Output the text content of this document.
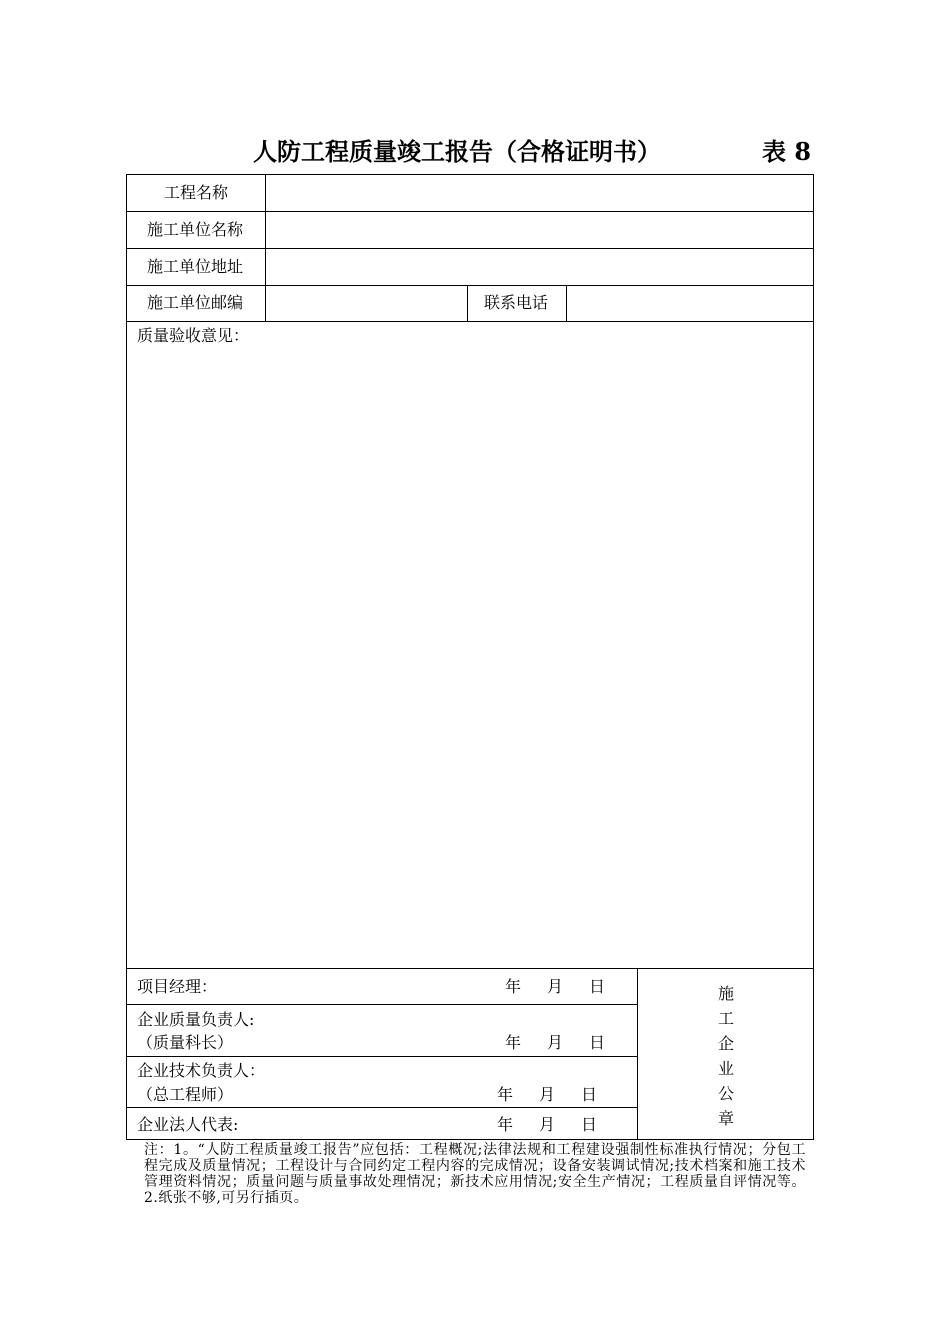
人防工程质量竣工报告（合格证明书）	表 8
工程名称
施工单位名称
施工单位地址
施工单位邮编	联系电话
质量验收意见：
项目经理：	年 月 日
企业质量负责人:
（质量科长）	年 月 日
企业技术负责人：
（总工程师）	年 月 日
企业法人代表:	年 月 日
施
工
企
业
公
章
注：1。“人防工程质量竣工报告”应包括：工程概况;法律法规和工程建设强制性标准执行情况；分包工程完成及质量情况；工程设计与合同约定工程内容的完成情况；设备安装调试情况;技术档案和施工技术管理资料情况；质量问题与质量事故处理情况；新技术应用情况;安全生产情况；工程质量自评情况等。2.纸张不够,可另行插页。
